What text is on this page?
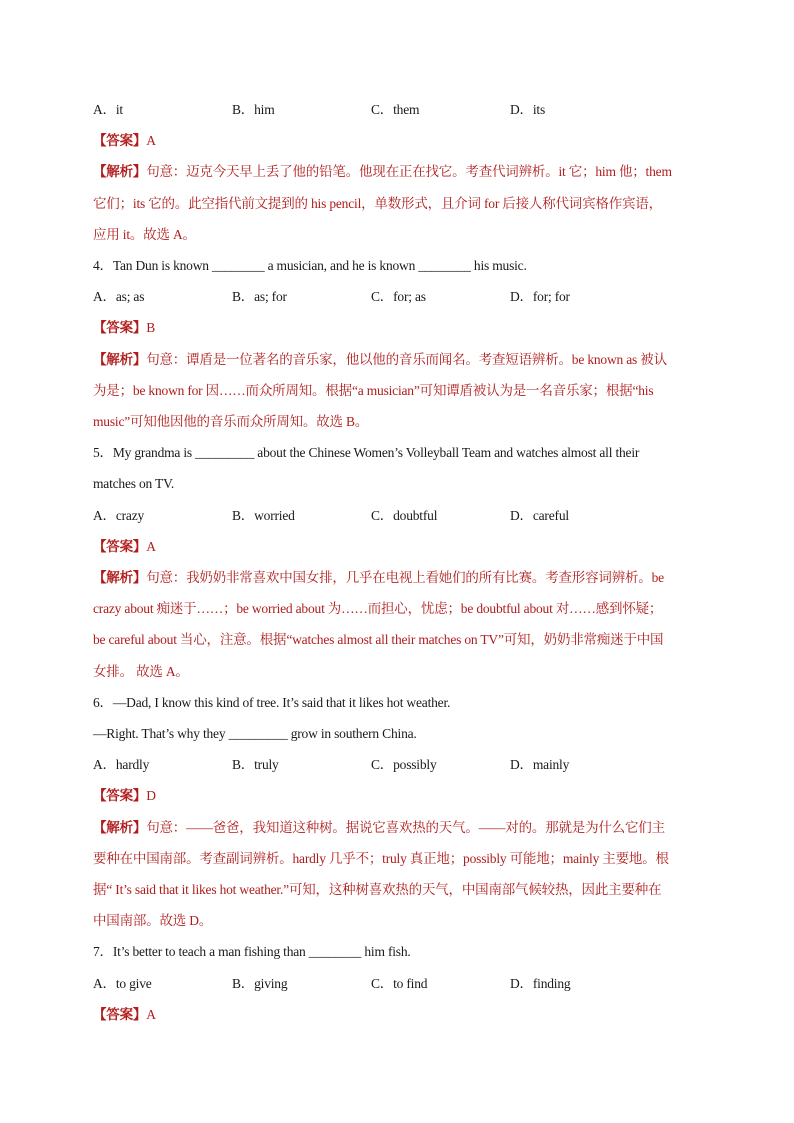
A．it	B．him	C．them	D．its
【答案】A
【解析】句意：迈克今天早上丢了他的铅笔。他现在正在找它。考查代词辨析。it 它；him 他；them
它们；its 它的。此空指代前文提到的 his pencil，单数形式，且介词 for 后接人称代词宾格作宾语，
应用 it。故选 A。
4．Tan Dun is known ________ a musician, and he is known ________ his music.
A．as; as	B．as; for	C．for; as	D．for; for
【答案】B
【解析】句意：谭盾是一位著名的音乐家，他以他的音乐而闻名。考查短语辨析。be known as 被认
为是；be known for 因……而众所周知。根据“a musician”可知谭盾被认为是一名音乐家；根据“his
music”可知他因他的音乐而众所周知。故选 B。
5．My grandma is _________ about the Chinese Women’s Volleyball Team and watches almost all their
matches on TV.
A．crazy	B．worried	C．doubtful	D．careful
【答案】A
【解析】句意：我奶奶非常喜欢中国女排，几乎在电视上看她们的所有比赛。考查形容词辨析。be
crazy about 痴迷于……；be worried about 为……而担心，忧虑；be doubtful about 对……感到怀疑；
be careful about 当心，注意。根据“watches almost all their matches on TV”可知，奶奶非常痴迷于中国
女排。 故选 A。
6．—Dad, I know this kind of tree. It’s said that it likes hot weather.
—Right. That’s why they _________ grow in southern China.
A．hardly	B．truly	C．possibly	D．mainly
【答案】D
【解析】句意：——爸爸，我知道这种树。据说它喜欢热的天气。——对的。那就是为什么它们主
要种在中国南部。考查副词辨析。hardly 几乎不；truly 真正地；possibly 可能地；mainly 主要地。根
据“ It’s said that it likes hot weather.”可知，这种树喜欢热的天气，中国南部气候较热，因此主要种在
中国南部。故选 D。
7．It’s better to teach a man fishing than ________ him fish.
A．to give	B．giving	C．to find	D．finding
【答案】A
